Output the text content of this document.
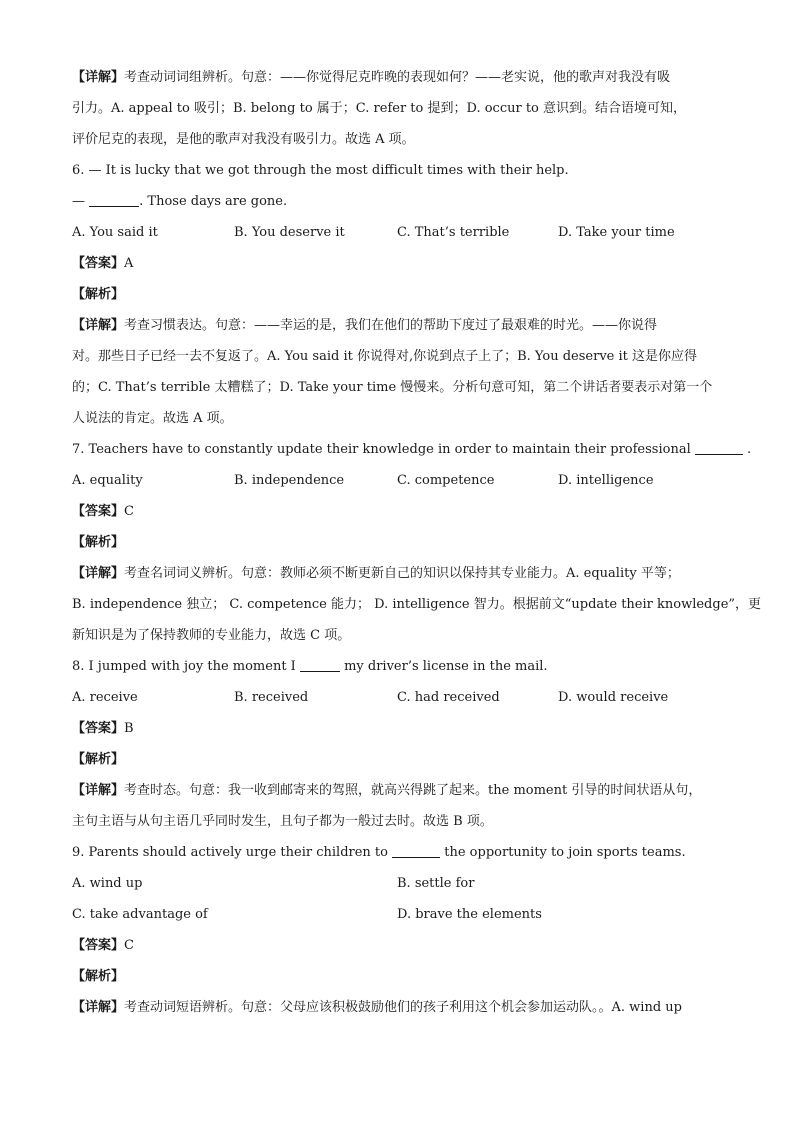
【详解】考查动词词组辨析。句意：——你觉得尼克昨晚的表现如何？——老实说，他的歌声对我没有吸
引力。A. appeal to 吸引；B. belong to 属于；C. refer to 提到；D. occur to 意识到。结合语境可知，
评价尼克的表现，是他的歌声对我没有吸引力。故选 A 项。
6. — It is lucky that we got through the most difficult times with their help.
—	. Those days are gone.
A. You said it	B. You deserve it	C. That’s terrible	D. Take your time
【答案】A
【解析】
【详解】考查习惯表达。句意：——幸运的是，我们在他们的帮助下度过了最艰难的时光。——你说得
对。那些日子已经一去不复返了。A. You said it 你说得对,你说到点子上了；B. You deserve it 这是你应得
的；C. That’s terrible 太糟糕了；D. Take your time 慢慢来。分析句意可知，第二个讲话者要表示对第一个
人说法的肯定。故选 A 项。
7. Teachers have to constantly update their knowledge in order to maintain their professional	.
A. equality	B. independence	C. competence	D. intelligence
【答案】C
【解析】
【详解】考查名词词义辨析。句意：教师必须不断更新自己的知识以保持其专业能力。A. equality 平等；
B. independence 独立； C. competence 能力； D. intelligence 智力。根据前文“update their knowledge”，更
新知识是为了保持教师的专业能力，故选 C 项。
8. I jumped with joy the moment I	my driver’s license in the mail.
A. receive	B. received	C. had received	D. would receive
【答案】B
【解析】
【详解】考查时态。句意：我一收到邮寄来的驾照，就高兴得跳了起来。the moment 引导的时间状语从句，
主句主语与从句主语几乎同时发生，且句子都为一般过去时。故选 B 项。
9. Parents should actively urge their children to	the opportunity to join sports teams.
A. wind up	B. settle for
C. take advantage of	D. brave the elements
【答案】C
【解析】
【详解】考查动词短语辨析。句意：父母应该积极鼓励他们的孩子利用这个机会参加运动队。。A. wind up
